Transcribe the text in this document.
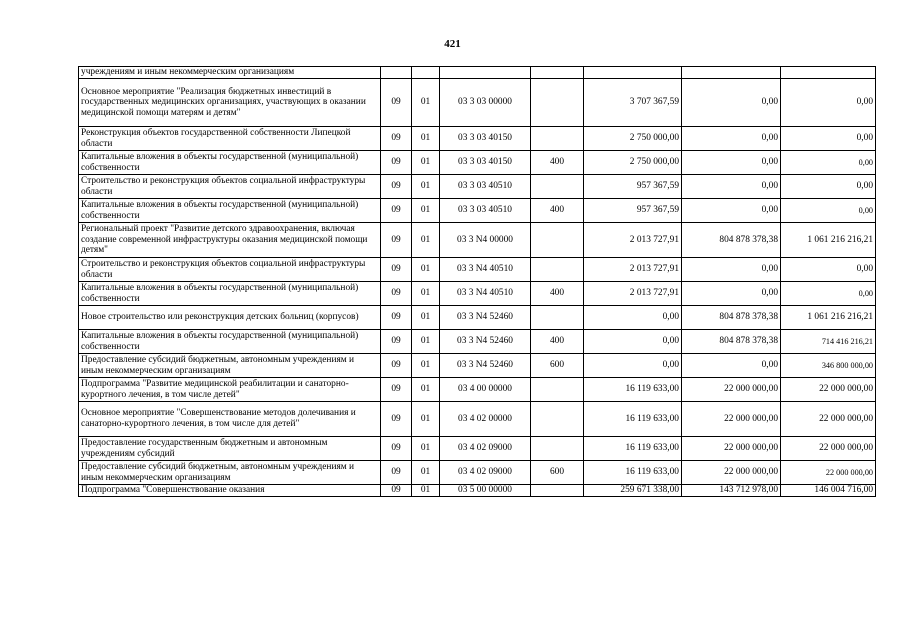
421
учреждениям и иным некоммерческим организациям							
Основное мероприятие "Реализация бюджетных инвестиций в государственных медицинских организациях, участвующих в оказании медицинской помощи матерям и детям"	09	01	03 3 03 00000		3 707 367,59	0,00	0,00
Реконструкция объектов государственной собственности Липецкой области	09	01	03 3 03 40150		2 750 000,00	0,00	0,00
Капитальные вложения в объекты государственной (муниципальной) собственности	09	01	03 3 03 40150	400	2 750 000,00	0,00	0,00
Строительство и реконструкция объектов социальной инфраструктуры области	09	01	03 3 03 40510		957 367,59	0,00	0,00
Капитальные вложения в объекты государственной (муниципальной) собственности	09	01	03 3 03 40510	400	957 367,59	0,00	0,00
Региональный проект "Развитие детского здравоохранения, включая создание современной инфраструктуры оказания медицинской помощи детям"	09	01	03 3 N4 00000		2 013 727,91	804 878 378,38	1 061 216 216,21
Строительство и реконструкция объектов социальной инфраструктуры области	09	01	03 3 N4 40510		2 013 727,91	0,00	0,00
Капитальные вложения в объекты государственной (муниципальной) собственности	09	01	03 3 N4 40510	400	2 013 727,91	0,00	0,00
Новое строительство или реконструкция детских больниц (корпусов)	09	01	03 3 N4 52460		0,00	804 878 378,38	1 061 216 216,21
Капитальные вложения в объекты государственной (муниципальной) собственности	09	01	03 3 N4 52460	400	0,00	804 878 378,38	714 416 216,21
Предоставление субсидий бюджетным, автономным учреждениям и иным некоммерческим организациям	09	01	03 3 N4 52460	600	0,00	0,00	346 800 000,00
Подпрограмма "Развитие медицинской реабилитации и санаторно-курортного лечения, в том числе детей"	09	01	03 4 00 00000		16 119 633,00	22 000 000,00	22 000 000,00
Основное мероприятие "Совершенствование методов долечивания и санаторно-курортного лечения, в том числе для детей"	09	01	03 4 02 00000		16 119 633,00	22 000 000,00	22 000 000,00
Предоставление государственным бюджетным и автономным учреждениям субсидий	09	01	03 4 02 09000		16 119 633,00	22 000 000,00	22 000 000,00
Предоставление субсидий бюджетным, автономным учреждениям и иным некоммерческим организациям	09	01	03 4 02 09000	600	16 119 633,00	22 000 000,00	22 000 000,00
Подпрограмма "Совершенствование оказания	09	01	03 5 00 00000		259 671 338,00	143 712 978,00	146 004 716,00
